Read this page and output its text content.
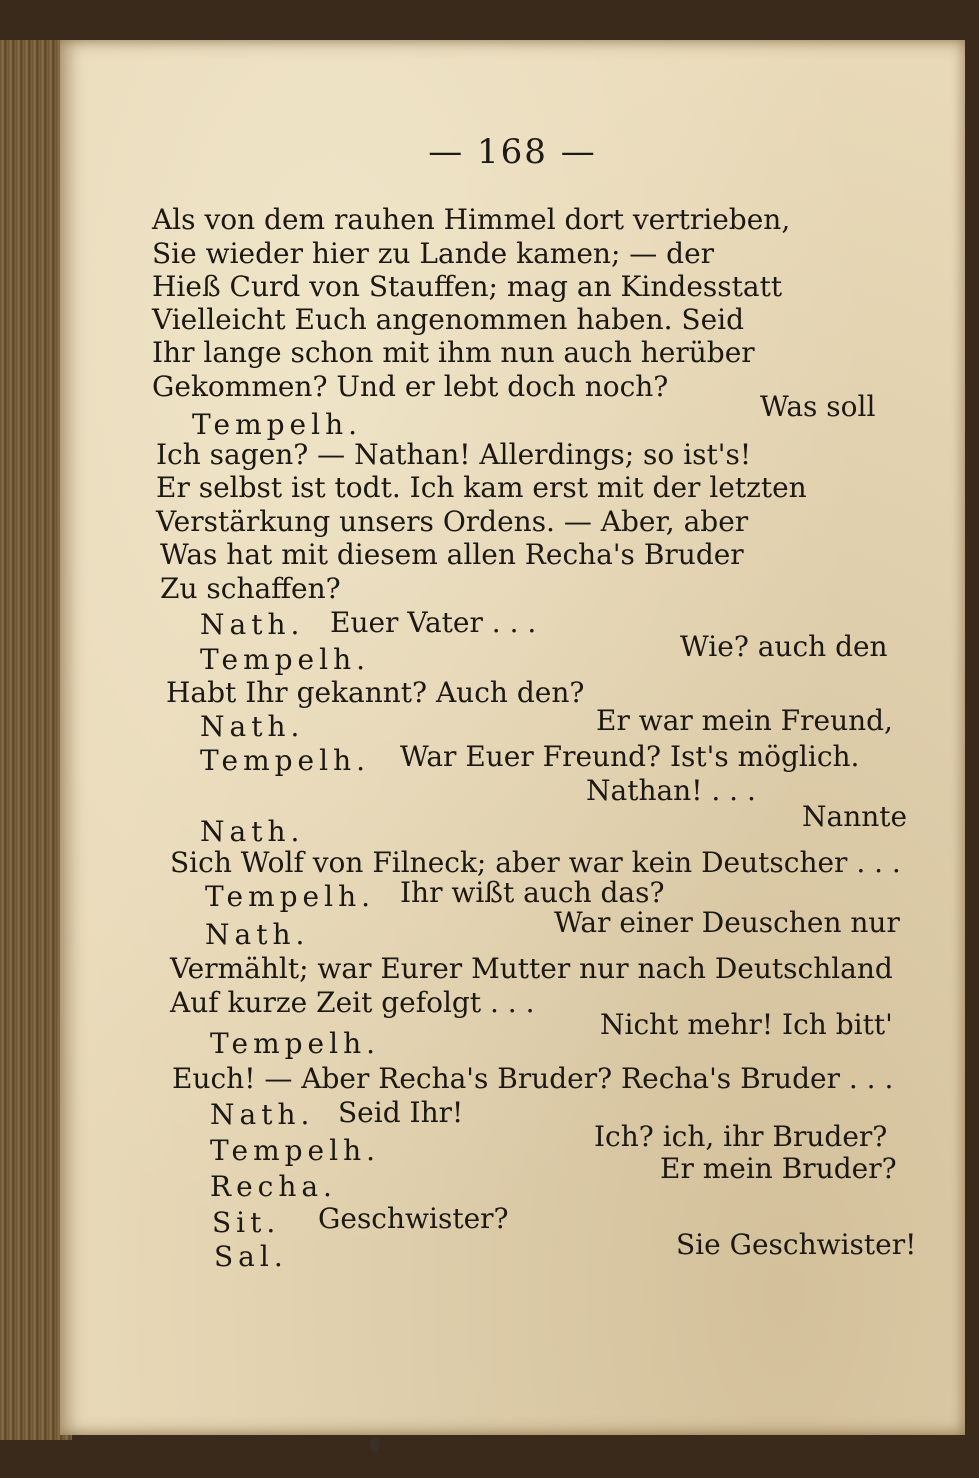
— 168 —
Als von dem rauhen Himmel dort vertrieben,
Sie wieder hier zu Lande kamen; — der
Hieß Curd von Stauffen; mag an Kindesstatt
Vielleicht Euch angenommen haben. Seid
Ihr lange schon mit ihm nun auch herüber
Gekommen? Und er lebt doch noch?
Tempelh.
Was soll
Ich sagen? — Nathan! Allerdings; so ist's!
Er selbst ist todt. Ich kam erst mit der letzten
Verstärkung unsers Ordens. — Aber, aber
Was hat mit diesem allen Recha's Bruder
Zu schaffen?
Nath. Euer Vater . . .
Tempelh.	Wie? auch den
Habt Ihr gekannt? Auch den?
Nath.	Er war mein Freund,
Tempelh. War Euer Freund? Ist's möglich.
Nathan! . . .
Nath.	Nannte
Sich Wolf von Filneck; aber war kein Deutscher . . .
Tempelh. Ihr wißt auch das?
Nath.	War einer Deuschen nur
Vermählt; war Eurer Mutter nur nach Deutschland
Auf kurze Zeit gefolgt . . .
Tempelh.
Nicht mehr! Ich bitt'
Euch! — Aber Recha's Bruder? Recha's Bruder . . .
Nath. Seid Ihr!
Tempelh.	Ich? ich, ihr Bruder?
Recha.
Er mein Bruder?
Sit. Geschwister?
Sal.	Sie Geschwister!
